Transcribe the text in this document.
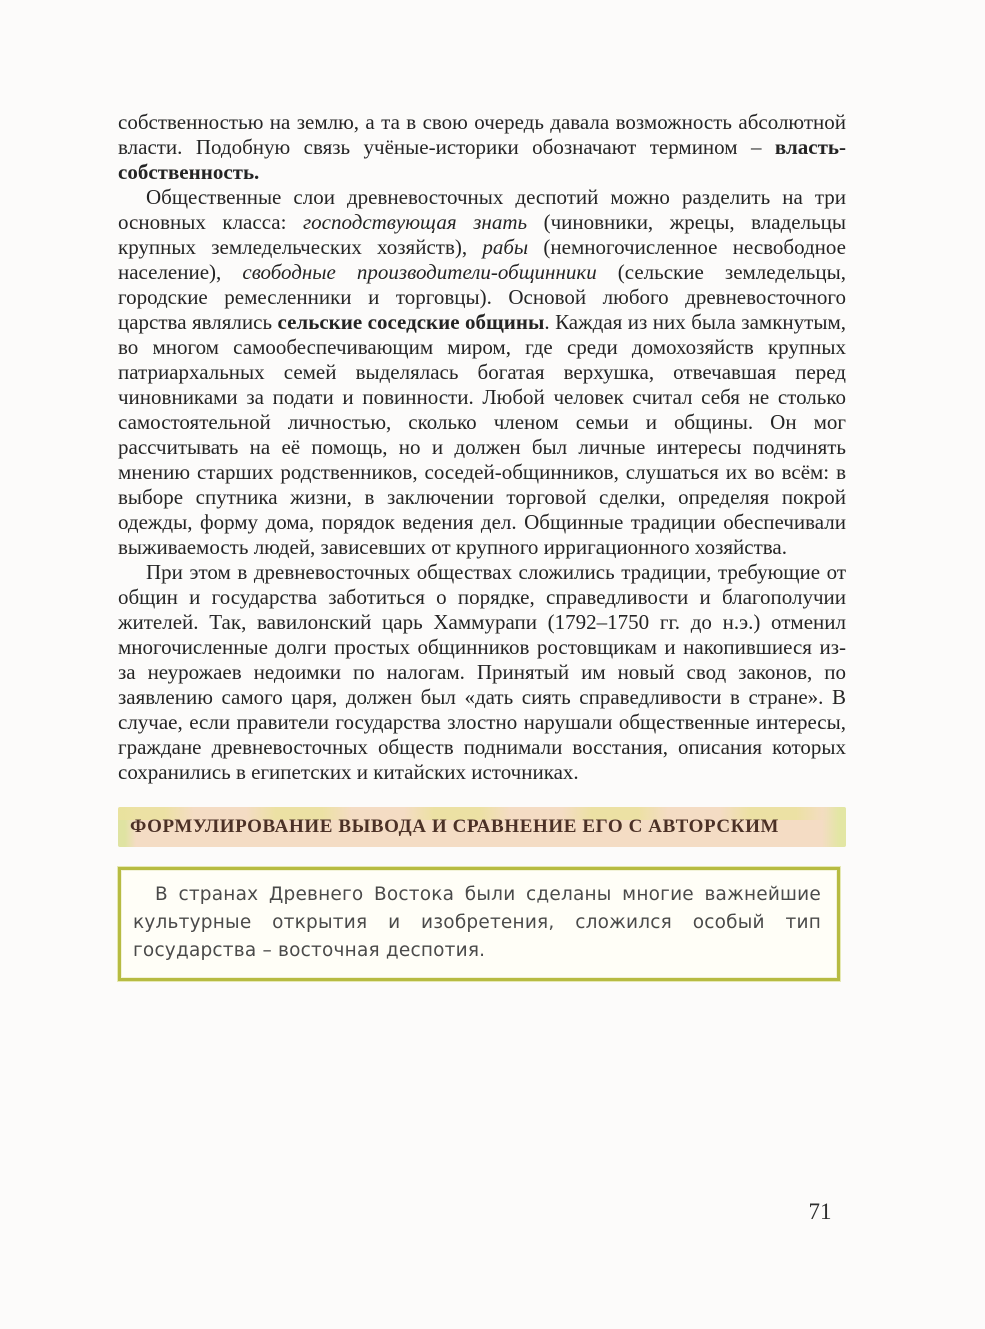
собственностью на землю, а та в свою очередь давала возможность абсолютной власти. Подобную связь учёные-историки обозначают термином – власть-собственность.

Общественные слои древневосточных деспотий можно разделить на три основных класса: господствующая знать (чиновники, жрецы, владельцы крупных земледельческих хозяйств), рабы (немногочисленное несвободное население), свободные производители-общинники (сельские земледельцы, городские ремесленники и торговцы). Основой любого древневосточного царства являлись сельские соседские общины. Каждая из них была замкнутым, во многом самообеспечивающим миром, где среди домохозяйств крупных патриархальных семей выделялась богатая верхушка, отвечавшая перед чиновниками за подати и повинности. Любой человек считал себя не столько самостоятельной личностью, сколько членом семьи и общины. Он мог рассчитывать на её помощь, но и должен был личные интересы подчинять мнению старших родственников, соседей-общинников, слушаться их во всём: в выборе спутника жизни, в заключении торговой сделки, определяя покрой одежды, форму дома, порядок ведения дел. Общинные традиции обеспечивали выживаемость людей, зависевших от крупного ирригационного хозяйства.

При этом в древневосточных обществах сложились традиции, требующие от общин и государства заботиться о порядке, справедливости и благополучии жителей. Так, вавилонский царь Хаммурапи (1792–1750 гг. до н.э.) отменил многочисленные долги простых общинников ростовщикам и накопившиеся из-за неурожаев недоимки по налогам. Принятый им новый свод законов, по заявлению самого царя, должен был «дать сиять справедливости в стране». В случае, если правители государства злостно нарушали общественные интересы, граждане древневосточных обществ поднимали восстания, описания которых сохранились в египетских и китайских источниках.

ФОРМУЛИРОВАНИЕ ВЫВОДА И СРАВНЕНИЕ ЕГО С АВТОРСКИМ

В странах Древнего Востока были сделаны многие важнейшие культурные открытия и изобретения, сложился особый тип государства – восточная деспотия.

71
